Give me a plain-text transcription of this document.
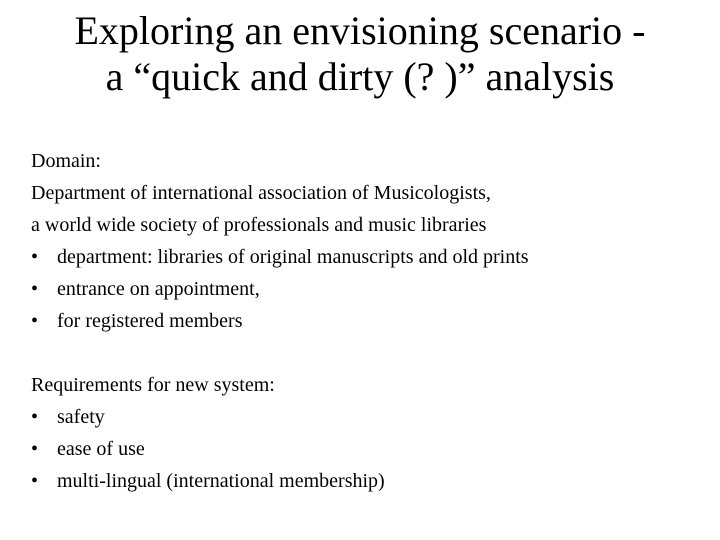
Exploring an envisioning scenario -
a “quick and dirty (? )” analysis
Domain:
Department of international association of Musicologists,
a world wide society of professionals and music libraries
• department: libraries of original manuscripts and old prints
• entrance on appointment,
• for registered members
Requirements for new system:
• safety
• ease of use
• multi-lingual (international membership)
